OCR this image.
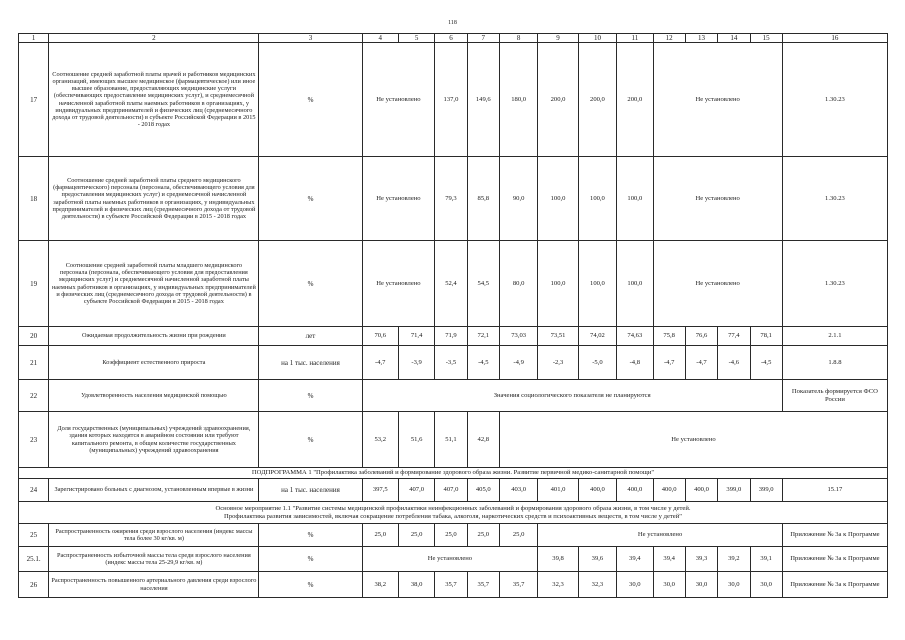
118
1	2	3	4	5	6	7	8	9	10	11	12	13	14	15	16
17	Соотношение средней заработной платы врачей и работников медицинских организаций, имеющих высшее медицинское (фармацевтическое) или иное высшее образование, предоставляющих медицинские услуги (обеспечивающих предоставление медицинских услуг), и среднемесячной начисленной заработной платы наемных работников в организациях, у индивидуальных предпринимателей и физических лиц (среднемесячного дохода от трудовой деятельности) в субъекте Российской Федерации в 2015 - 2018 годах	%	Не установлено		137,0	149,6	180,0	200,0	200,0	200,0	Не установлено				1.30.23
18	Соотношение средней заработной платы среднего медицинского (фармацевтического) персонала (персонала, обеспечивающего условия для предоставления медицинских услуг) и среднемесячной начисленной заработной платы наемных работников в организациях, у индивидуальных предпринимателей и физических лиц (среднемесячного дохода от трудовой деятельности) в субъекте Российской Федерации в 2015 - 2018 годах	%	Не установлено		79,3	85,8	90,0	100,0	100,0	100,0	Не установлено				1.30.23
19	Соотношение средней заработной платы младшего медицинского персонала (персонала, обеспечивающего условия для предоставления медицинских услуг) и среднемесячной начисленной заработной платы наемных работников в организациях, у индивидуальных предпринимателей и физических лиц (среднемесячного дохода от трудовой деятельности) в субъекте Российской Федерации в 2015 - 2018 годах	%	Не установлено		52,4	54,5	80,0	100,0	100,0	100,0	Не установлено				1.30.23
20	Ожидаемая продолжительность жизни при рождении	лет	70,6	71,4	71,9	72,1	73,03	73,51	74,02	74,63	75,8	76,6	77,4	78,1	2.1.1
21	Коэффициент естественного прироста	на 1 тыс. населения	-4,7	-3,9	-3,5	-4,5	-4,9	-2,3	-5,0	-4,8	-4,7	-4,7	-4,6	-4,5	1.8.8
22	Удовлетворенность населения медицинской помощью	%	Значения социологического показателя не планируются												Показатель формируется ФСО России
23	Доля государственных (муниципальных) учреждений здравоохранения, здания которых находятся в аварийном состоянии или требуют капитального ремонта, в общем количестве государственных (муниципальных) учреждений здравоохранения	%	53,2	51,6	51,1	42,8	Не установлено								
ПОДПРОГРАММА 1 "Профилактика заболеваний и формирование здорового образа жизни. Развитие первичной медико-санитарной помощи"															
24	Зарегистрировано больных с диагнозом, установленным впервые в жизни	на 1 тыс. населения	397,5	407,0	407,0	405,0	403,0	401,0	400,0	400,0	400,0	400,0	399,0	399,0	15.17

Основное мероприятие 1.1 "Развитие системы медицинской профилактики неинфекционных заболеваний и формирования здорового образа жизни, в том числе у детей.
Профилактика развития зависимостей, включая сокращение потребления табака, алкоголя, наркотических средств и психоактивных веществ, в том числе у детей"															

25	Распространенность ожирения среди взрослого населения (индекс массы тела более 30 кг/кв. м)	%	25,0	25,0	25,0	25,0	25,0	Не установлено							Приложение № 3а к Программе
25.1.	Распространенность избыточной массы тела среди взрослого населения (индекс массы тела 25-29,9 кг/кв. м)	%	Не установлено					39,8	39,6	39,4	39,4	39,3	39,2	39,1	Приложение № 3а к Программе
26	Распространенность повышенного артериального давления среди взрослого населения	%	38,2	38,0	35,7	35,7	35,7	32,3	32,3	30,0	30,0	30,0	30,0	30,0	Приложение № 3а к Программе
